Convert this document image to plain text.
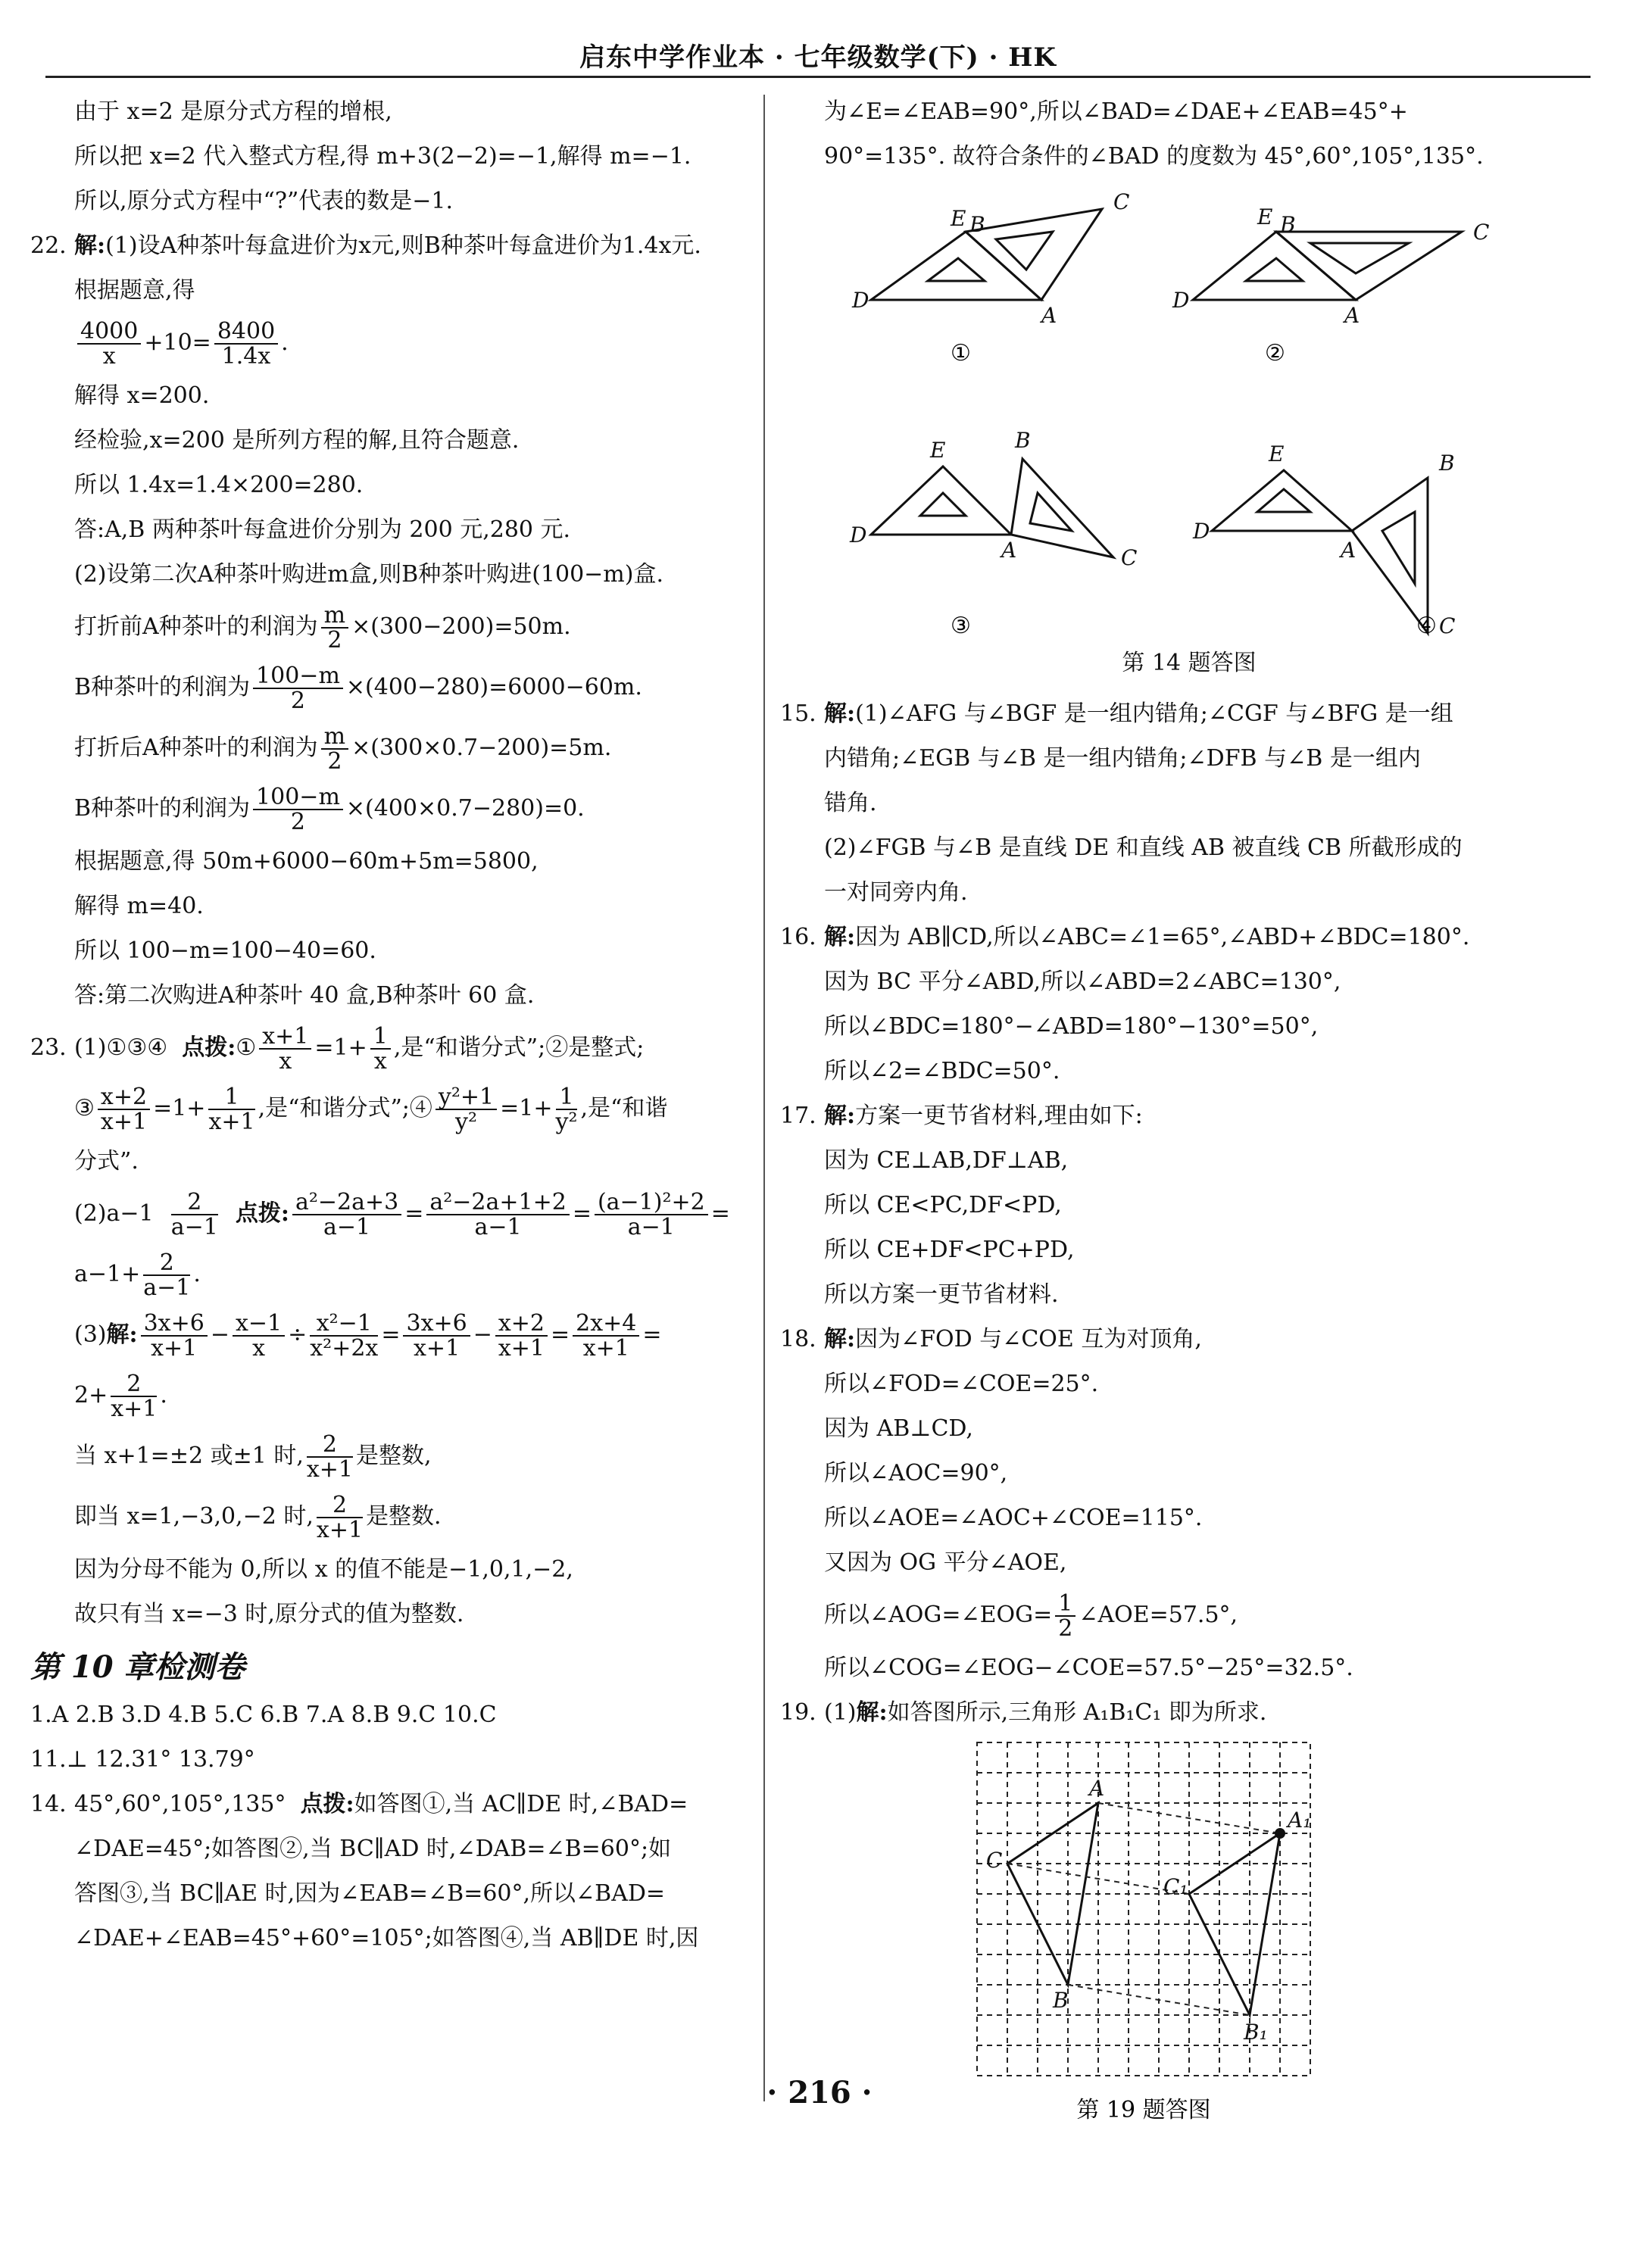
启东中学作业本 · 七年级数学(下) · HK
由于 x=2 是原分式方程的增根,
所以把 x=2 代入整式方程,得 m+3(2−2)=−1,解得 m=−1.
所以,原分式方程中“?”代表的数是−1.
22. 解:(1)设A种茶叶每盒进价为x元,则B种茶叶每盒进价为1.4x元.
根据题意,得
$\frac{4000}{x} +10= \frac{8400}{1.4x}$ .
解得 x=200.
经检验,x=200 是所列方程的解,且符合题意.
所以 1.4x=1.4×200=280.
答:A,B 两种茶叶每盒进价分别为 200 元,280 元.
(2)设第二次A种茶叶购进m盒,则B种茶叶购进(100−m)盒.
打折前A种茶叶的利润为 $\frac{m}{2} \times(300-200)=50m$.
B种茶叶的利润为 $\frac{100-m}{2} \times(400-280)=6000-60m$.
打折后A种茶叶的利润为 $\frac{m}{2} \times(300\times 0.7-200)=5m$.
B种茶叶的利润为 $\frac{100-m}{2} \times(400\times 0.7-280)=0$.
根据题意,得 50m+6000−60m+5m=5800,
解得 m=40.
所以 100−m=100−40=60.
答:第二次购进A种茶叶 40 盒,B种茶叶 60 盒.
23. (1)①③④ 点拨:① $\frac{x+1}{x} =1+ \frac{1}{x}$ ,是“和谐分式”;②是整式;
③ $\frac{x+2}{x+1} =1+ \frac{1}{x+1}$ ,是“和谐分式”;④ $\frac{\text{y²+1}}{\text{y²}} =1+ \frac{1}{\text{y²}}$ ,是“和谐
分式”.
$(2)a-1 \frac{2}{a-1}$ 点拨: $\frac{\text{a²−2a+3}}{a-1} = \frac{\text{a²−2a+1+2}}{a-1} = \frac{\text{(a−1)²+2}}{a-1}$ =
$a-1+ \frac{2}{a-1}$ .
(3)解: $\frac{3x+6}{x+1} - \frac{x-1}{x} \div \frac{\text{x²−1}}{\text{x²+2x}} = \frac{3x+6}{x+1} - \frac{x+2}{x+1} = \frac{2x+4}{x+1}$ =
$2+ \frac{2}{x+1}$ .
当 x+1=±2 或±1 时, $\frac{2}{x+1}$ 是整数,
即当 x=1,−3,0,−2 时, $\frac{2}{x+1}$ 是整数.
因为分母不能为 0,所以 x 的值不能是−1,0,1,−2,
故只有当 x=−3 时,原分式的值为整数.
第 10 章检测卷
1.A 2.B 3.D 4.B 5.C 6.B 7.A 8.B 9.C 10.C
11.⊥ 12.31° 13.79°
14. 45°,60°,105°,135° 点拨:如答图①,当 AC∥DE 时,∠BAD=
∠DAE=45°;如答图②,当 BC∥AD 时,∠DAB=∠B=60°;如
答图③,当 BC∥AE 时,因为∠EAB=∠B=60°,所以∠BAD=
∠DAE+∠EAB=45°+60°=105°;如答图④,当 AB∥DE 时,因
为∠E=∠EAB=90°,所以∠BAD=∠DAE+∠EAB=45°+
90°=135°. 故符合条件的∠BAD 的度数为 45°,60°,105°,135°.
D
E B
C
A
①
D
E B	C
A
②
D
E	B
C
A
③
D
E	B
C
A
④
第 14 题答图
15. 解:(1)∠AFG 与∠BGF 是一组内错角;∠CGF 与∠BFG 是一组
内错角;∠EGB 与∠B 是一组内错角;∠DFB 与∠B 是一组内
错角.
(2)∠FGB 与∠B 是直线 DE 和直线 AB 被直线 CB 所截形成的
一对同旁内角.
16. 解:因为 AB∥CD,所以∠ABC=∠1=65°,∠ABD+∠BDC=180°.
因为 BC 平分∠ABD,所以∠ABD=2∠ABC=130°,
所以∠BDC=180°−∠ABD=180°−130°=50°,
所以∠2=∠BDC=50°.
17. 解:方案一更节省材料,理由如下:
因为 CE⊥AB,DF⊥AB,
所以 CE<PC,DF<PD,
所以 CE+DF<PC+PD,
所以方案一更节省材料.
18. 解:因为∠FOD 与∠COE 互为对顶角,
所以∠FOD=∠COE=25°.
因为 AB⊥CD,
所以∠AOC=90°,
所以∠AOE=∠AOC+∠COE=115°.
又因为 OG 平分∠AOE,
所以∠AOG=∠EOG= $\frac{1}{2}$ ∠AOE=57.5°,
所以∠COG=∠EOG−∠COE=57.5°−25°=32.5°.
19. (1)解:如答图所示,三角形 A₁B₁C₁ 即为所求.
A
C
B
A₁
C₁
B₁
第 19 题答图
· 216 ·
